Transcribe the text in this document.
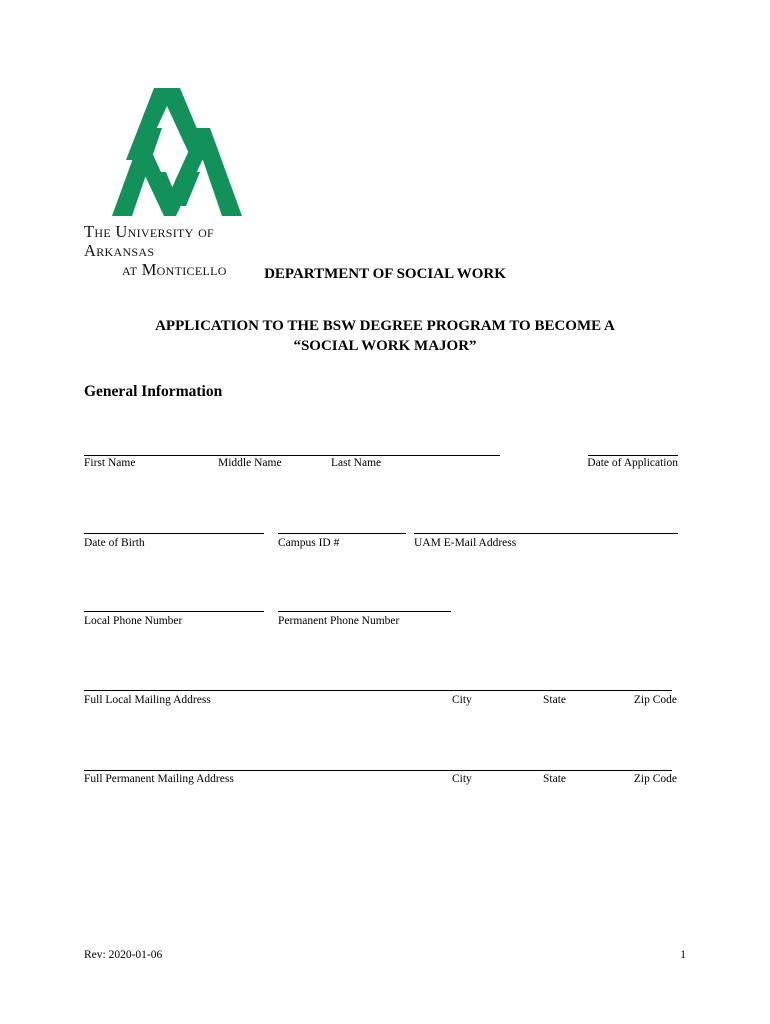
The University of Arkansas
at Monticello	DEPARTMENT OF SOCIAL WORK
APPLICATION TO THE BSW DEGREE PROGRAM TO BECOME A
“SOCIAL WORK MAJOR”
General Information
First Name	Middle Name	Last Name	Date of Application
Date of Birth	Campus ID #	UAM E-Mail Address
Local Phone Number	Permanent Phone Number
Full Local Mailing Address	City	State	Zip Code
Full Permanent Mailing Address	City	State	Zip Code
Rev: 2020-01-06	1
